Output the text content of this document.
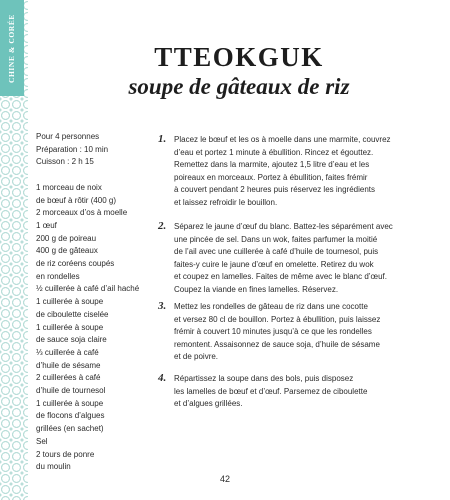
CHINE & CORÉE	TTEOKGUK
soupe de gâteaux de riz
Pour 4 personnes
Préparation : 10 min
Cuisson : 2 h 15
1 morceau de noix
de bœuf à rôtir (400 g)
2 morceaux d’os à moelle
1 œuf
200 g de poireau
400 g de gâteaux
de riz coréens coupés
en rondelles
½ cuillerée à café d’ail haché
1 cuillerée à soupe
de ciboulette ciselée
1 cuillerée à soupe
de sauce soja claire
⅓ cuillerée à café
d’huile de sésame
2 cuillerées à café
d’huile de tournesol
1 cuillerée à soupe
de flocons d’algues
grillées (en sachet)
Sel
2 tours de ponre
du moulin
1. Placez le bœuf et les os à moelle dans une marmite, couvrez
d’eau et portez 1 minute à ébullition. Rincez et égouttez.
Remettez dans la marmite, ajoutez 1,5 litre d’eau et les
poireaux en morceaux. Portez à ébullition, faites frémir
à couvert pendant 2 heures puis réservez les ingrédients
et laissez refroidir le bouillon.
2. Séparez le jaune d’œuf du blanc. Battez-les séparément avec
une pincée de sel. Dans un wok, faites parfumer la moitié
de l’ail avec une cuillerée à café d’huile de tournesol, puis
faites-y cuire le jaune d’œuf en omelette. Retirez du wok
et coupez en lamelles. Faites de même avec le blanc d’œuf.
Coupez la viande en fines lamelles. Réservez.
3. Mettez les rondelles de gâteau de riz dans une cocotte
et versez 80 cl de bouillon. Portez à ébullition, puis laissez
frémir à couvert 10 minutes jusqu’à ce que les rondelles
remontent. Assaisonnez de sauce soja, d’huile de sésame
et de poivre.
4. Répartissez la soupe dans des bols, puis disposez
les lamelles de bœuf et d’œuf. Parsemez de ciboulette
et d’algues grillées.
42
